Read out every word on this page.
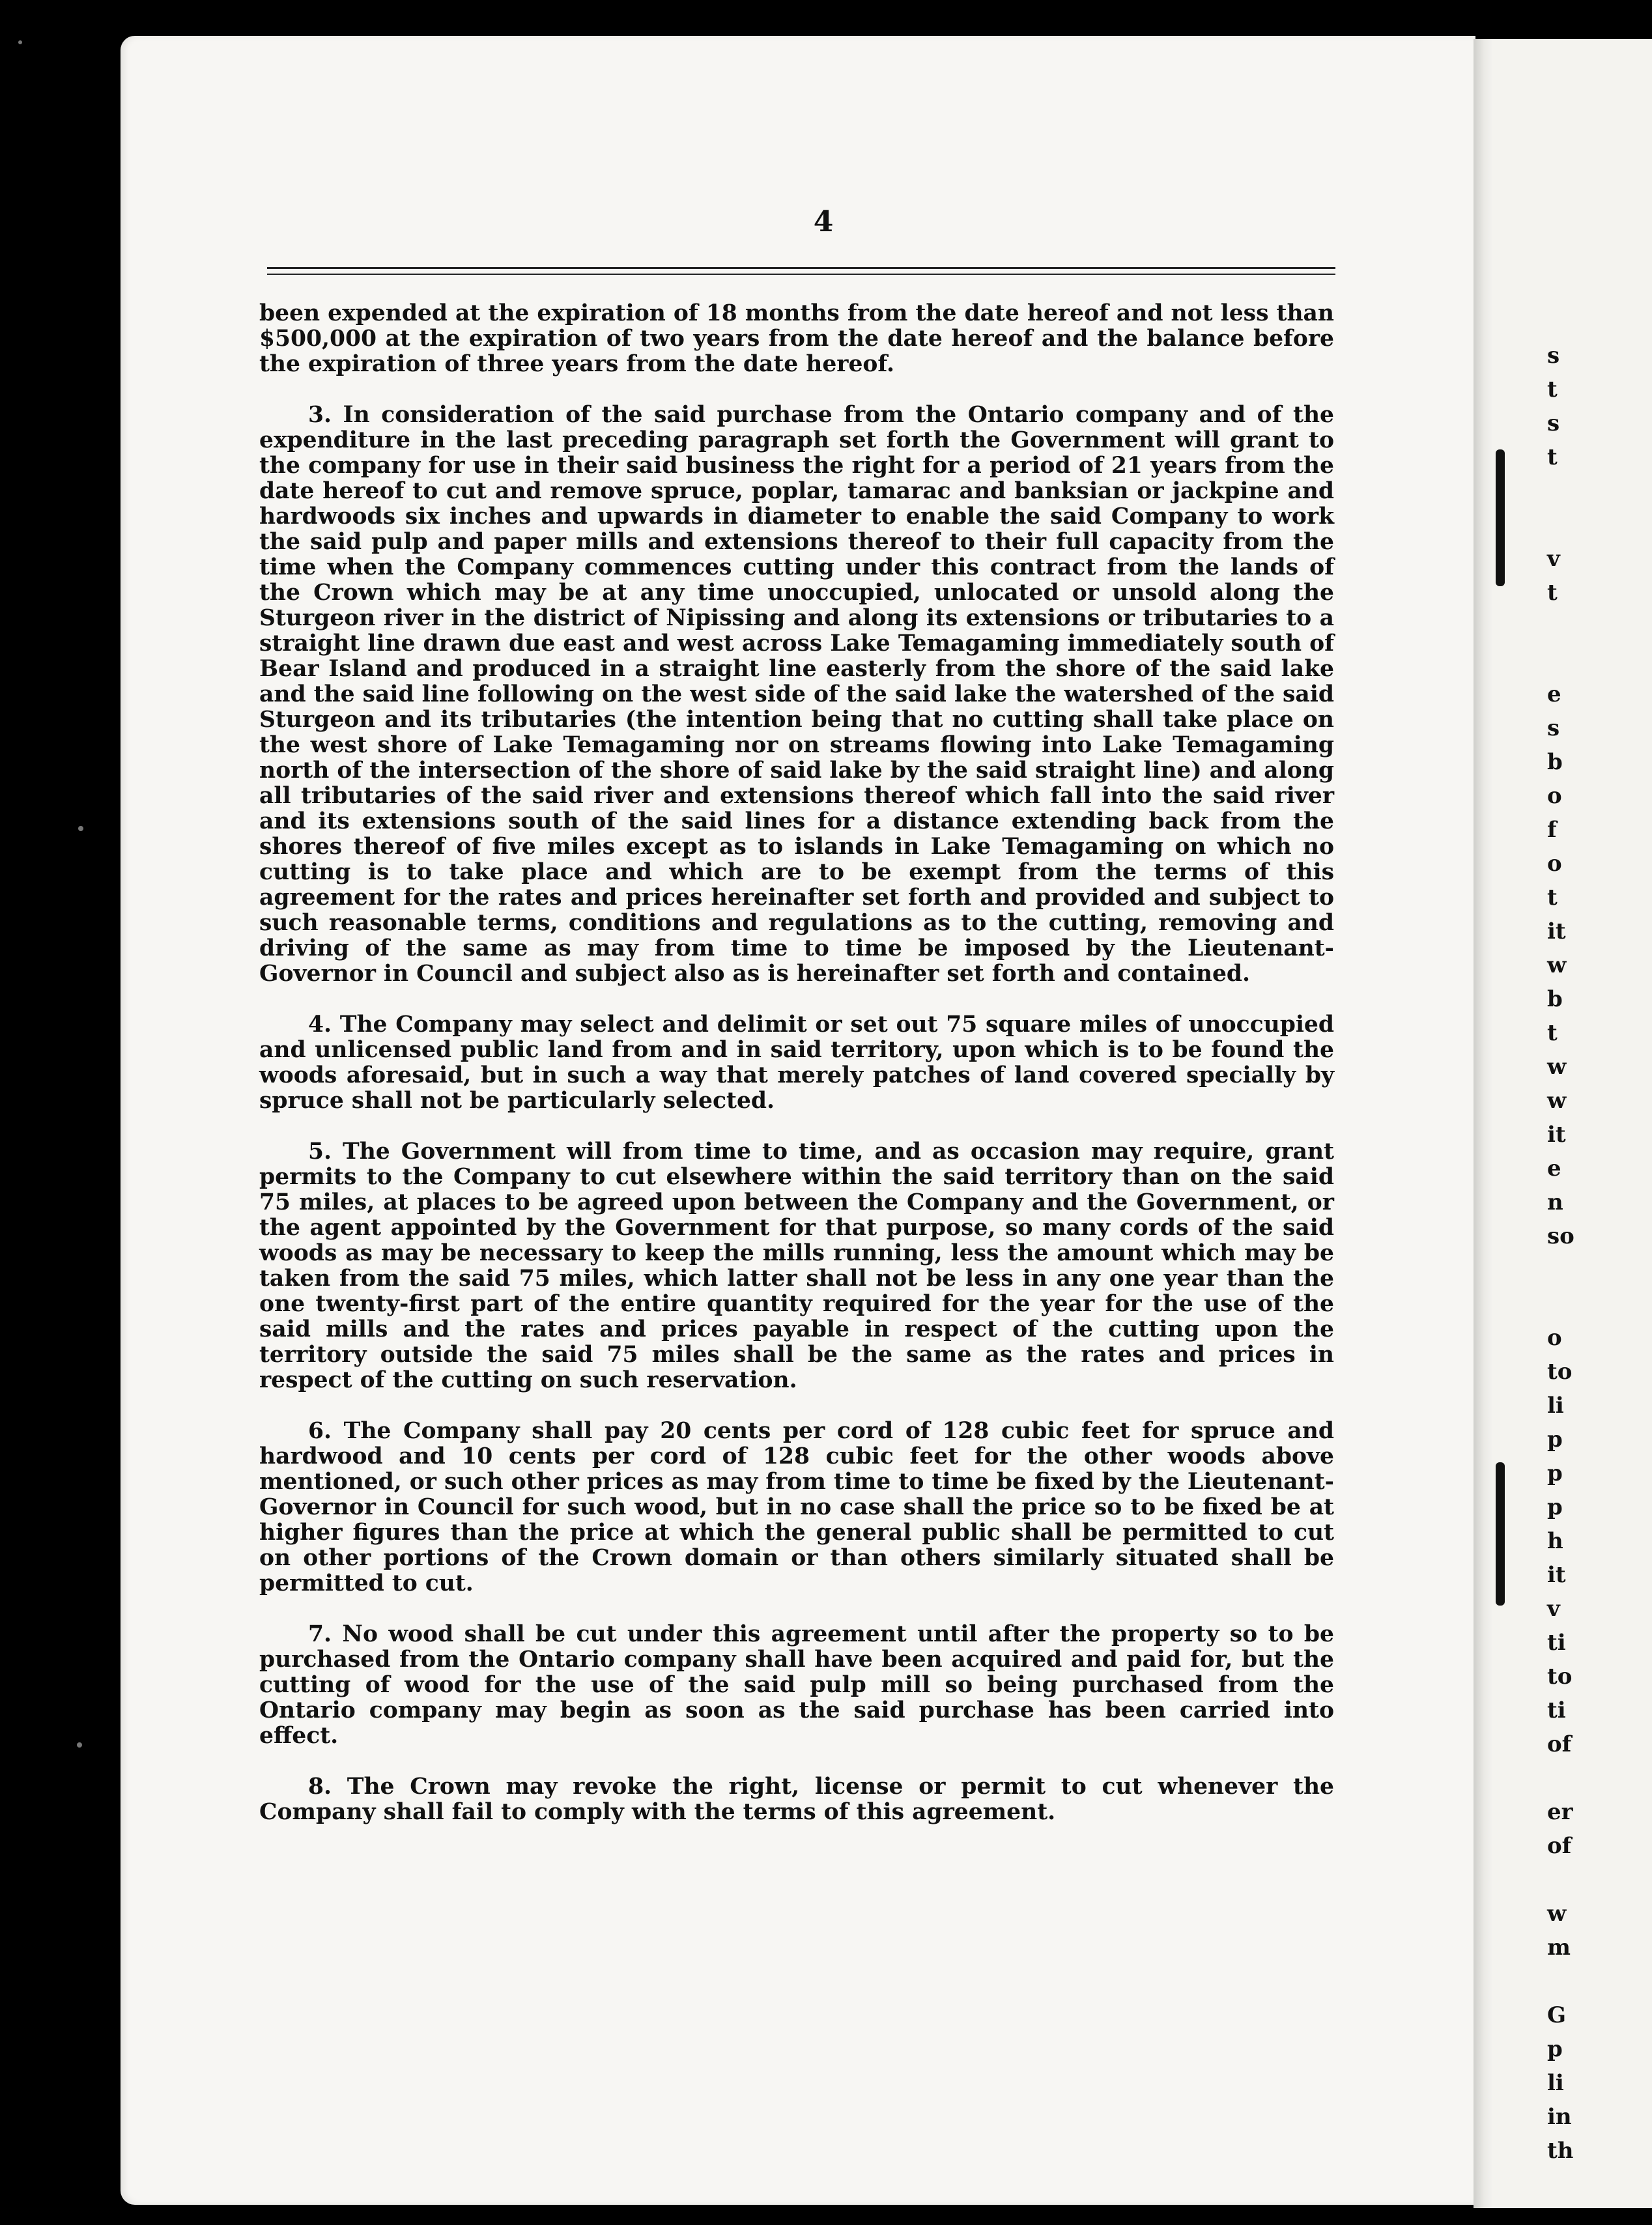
s
t
s
t

v
t

e
s
b
o
f
o
t
it
w
b
t
w
w
it
e
n
so

o
to
li
p
p
p
h
it
v
ti
to
ti
of

er
of

w
m

G
p
li
in
th
4

been expended at the expiration of 18 months from the date hereof and not less than $500,000 at the expiration of two years from the date hereof and the balance before the expiration of three years from the date hereof.

3. In consideration of the said purchase from the Ontario company and of the expenditure in the last preceding paragraph set forth the Government will grant to the company for use in their said business the right for a period of 21 years from the date hereof to cut and remove spruce, poplar, tamarac and banksian or jackpine and hardwoods six inches and upwards in diameter to enable the said Company to work the said pulp and paper mills and extensions thereof to their full capacity from the time when the Company commences cutting under this contract from the lands of the Crown which may be at any time unoccupied, unlocated or unsold along the Sturgeon river in the district of Nipissing and along its extensions or tributaries to a straight line drawn due east and west across Lake Temagaming immediately south of Bear Island and produced in a straight line easterly from the shore of the said lake and the said line following on the west side of the said lake the watershed of the said Sturgeon and its tributaries (the intention being that no cutting shall take place on the west shore of Lake Temagaming nor on streams flowing into Lake Temagaming north of the intersection of the shore of said lake by the said straight line) and along all tributaries of the said river and extensions thereof which fall into the said river and its extensions south of the said lines for a distance extending back from the shores thereof of five miles except as to islands in Lake Temagaming on which no cutting is to take place and which are to be exempt from the terms of this agreement for the rates and prices hereinafter set forth and provided and subject to such reasonable terms, conditions and regulations as to the cutting, removing and driving of the same as may from time to time be imposed by the Lieutenant-Governor in Council and subject also as is hereinafter set forth and contained.

4. The Company may select and delimit or set out 75 square miles of unoccupied and unlicensed public land from and in said territory, upon which is to be found the woods aforesaid, but in such a way that merely patches of land covered specially by spruce shall not be particularly selected.

5. The Government will from time to time, and as occasion may require, grant permits to the Company to cut elsewhere within the said territory than on the said 75 miles, at places to be agreed upon between the Company and the Government, or the agent appointed by the Government for that purpose, so many cords of the said woods as may be necessary to keep the mills running, less the amount which may be taken from the said 75 miles, which latter shall not be less in any one year than the one twenty-first part of the entire quantity required for the year for the use of the said mills and the rates and prices payable in respect of the cutting upon the territory outside the said 75 miles shall be the same as the rates and prices in respect of the cutting on such reservation.

6. The Company shall pay 20 cents per cord of 128 cubic feet for spruce and hardwood and 10 cents per cord of 128 cubic feet for the other woods above mentioned, or such other prices as may from time to time be fixed by the Lieutenant-Governor in Council for such wood, but in no case shall the price so to be fixed be at higher figures than the price at which the general public shall be permitted to cut on other portions of the Crown domain or than others similarly situated shall be permitted to cut.

7. No wood shall be cut under this agreement until after the property so to be purchased from the Ontario company shall have been acquired and paid for, but the cutting of wood for the use of the said pulp mill so being purchased from the Ontario company may begin as soon as the said purchase has been carried into effect.

8. The Crown may revoke the right, license or permit to cut whenever the Company shall fail to comply with the terms of this agreement.
